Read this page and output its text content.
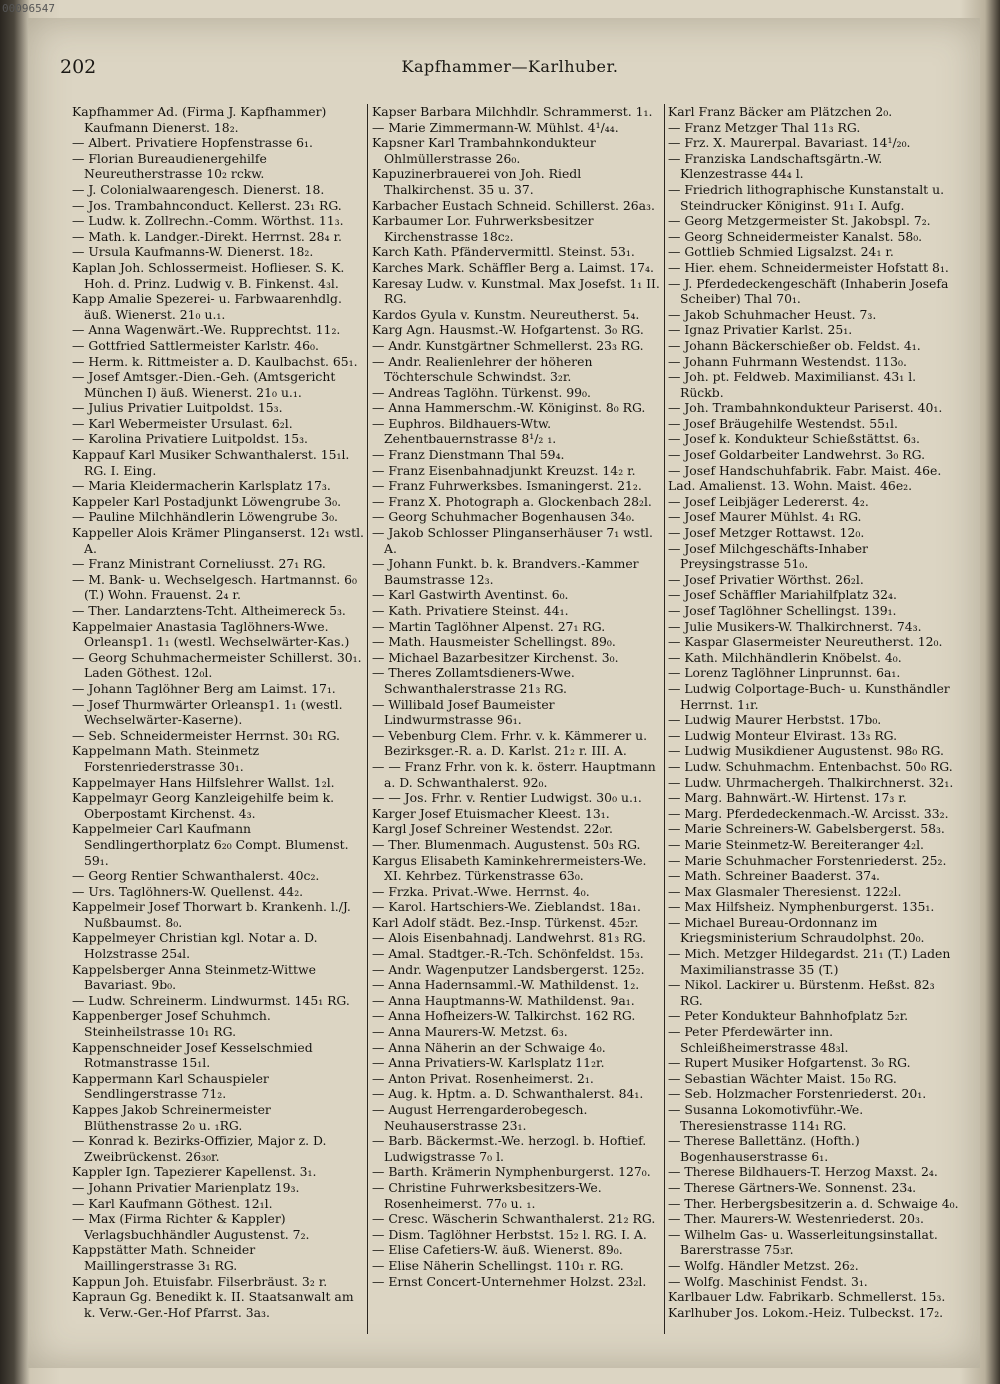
00096547
202	Kapfhammer—Karlhuber.
Kapfhammer Ad. (Firma J. Kapfhammer) Kaufmann Dienerst. 18₂.
— Albert. Privatiere Hopfenstrasse 6₁.
— Florian Bureaudienergehilfe Neureutherstrasse 10₂ rckw.
— J. Colonialwaarengesch. Dienerst. 18.
— Jos. Trambahnconduct. Kellerst. 23₁ RG.
— Ludw. k. Zollrechn.-Comm. Wörthst. 11₃.
— Math. k. Landger.-Direkt. Herrnst. 28₄ r.
— Ursula Kaufmanns-W. Dienerst. 18₂.
Kaplan Joh. Schlossermeist. Hoflieser. S. K. Hoh. d. Prinz. Ludwig v. B. Finkenst. 4₃l.
Kapp Amalie Spezerei- u. Farbwaarenhdlg. äuß. Wienerst. 21₀ u.₁.
— Anna Wagenwärt.-We. Rupprechtst. 11₂.
— Gottfried Sattlermeister Karlstr. 46₀.
— Herm. k. Rittmeister a. D. Kaulbachst. 65₁.
— Josef Amtsger.-Dien.-Geh. (Amtsgericht München I) äuß. Wienerst. 21₀ u.₁.
— Julius Privatier Luitpoldst. 15₃.
— Karl Webermeister Ursulast. 6₂l.
— Karolina Privatiere Luitpoldst. 15₃.
Kappauf Karl Musiker Schwanthalerst. 15₁l. RG. I. Eing.
— Maria Kleidermacherin Karlsplatz 17₃.
Kappeler Karl Postadjunkt Löwengrube 3₀.
— Pauline Milchhändlerin Löwengrube 3₀.
Kappeller Alois Krämer Plinganserst. 12₁ wstl. A.
— Franz Ministrant Corneliusst. 27₁ RG.
— M. Bank- u. Wechselgesch. Hartmannst. 6₀ (T.) Wohn. Frauenst. 2₄ r.
— Ther. Landarztens-Tcht. Altheimereck 5₃.
Kappelmaier Anastasia Taglöhners-Wwe. Orleansp1. 1₁ (westl. Wechselwärter-Kas.)
— Georg Schuhmachermeister Schillerst. 30₁. Laden Göthest. 12₀l.
— Johann Taglöhner Berg am Laimst. 17₁.
— Josef Thurmwärter Orleansp1. 1₁ (westl. Wechselwärter-Kaserne).
— Seb. Schneidermeister Herrnst. 30₁ RG.
Kappelmann Math. Steinmetz Forstenriederstrasse 30₁.
Kappelmayer Hans Hilfslehrer Wallst. 1₂l.
Kappelmayr Georg Kanzleigehilfe beim k. Oberpostamt Kirchenst. 4₃.
Kappelmeier Carl Kaufmann Sendlingerthorplatz 6₂₀ Compt. Blumenst. 59₁.
— Georg Rentier Schwanthalerst. 40c₂.
— Urs. Taglöhners-W. Quellenst. 44₂.
Kappelmeir Josef Thorwart b. Krankenh. l./J. Nußbaumst. 8₀.
Kappelmeyer Christian kgl. Notar a. D. Holzstrasse 25₄l.
Kappelsberger Anna Steinmetz-Wittwe Bavariast. 9b₀.
— Ludw. Schreinerm. Lindwurmst. 145₁ RG.
Kappenberger Josef Schuhmch. Steinheilstrasse 10₁ RG.
Kappenschneider Josef Kesselschmied Rotmanstrasse 15₁l.
Kappermann Karl Schauspieler Sendlingerstrasse 71₂.
Kappes Jakob Schreinermeister Blüthenstrasse 2₀ u. ₁RG.
— Konrad k. Bezirks-Offizier, Major z. D. Zweibrückenst. 26₃₀r.
Kappler Ign. Tapezierer Kapellenst. 3₁.
— Johann Privatier Marienplatz 19₃.
— Karl Kaufmann Göthest. 12₁l.
— Max (Firma Richter & Kappler) Verlagsbuchhändler Augustenst. 7₂.
Kappstätter Math. Schneider Maillingerstrasse 3₁ RG.
Kappun Joh. Etuisfabr. Filserbräust. 3₂ r.
Kapraun Gg. Benedikt k. II. Staatsanwalt am k. Verw.-Ger.-Hof Pfarrst. 3a₃.
Kapser Barbara Milchhdlr. Schrammerst. 1₁.
— Marie Zimmermann-W. Mühlst. 4¹/₄₄.
Kapsner Karl Trambahnkonduktеur Ohlmüllerstrasse 26₀.
Kapuzinerbrauerei von Joh. Riedl Thalkirchenst. 35 u. 37.
Karbacher Eustach Schneid. Schillerst. 26a₃.
Karbaumer Lor. Fuhrwerksbesitzer Kirchenstrasse 18c₂.
Karch Kath. Pfändervermittl. Steinst. 53₁.
Karches Mark. Schäffler Berg a. Laimst. 17₄.
Karesay Ludw. v. Kunstmal. Max Josefst. 1₁ II. RG.
Kardos Gyula v. Kunstm. Neureutherst. 5₄.
Karg Agn. Hausmst.-W. Hofgartenst. 3₀ RG.
— Andr. Kunstgärtner Schmellerst. 23₃ RG.
— Andr. Realienlehrer der höheren Töchterschule Schwindst. 3₂r.
— Andreas Taglöhn. Türkenst. 99₀.
— Anna Hammerschm.-W. Königinst. 8₀ RG.
— Euphros. Bildhauers-Wtw. Zehentbauernstrasse 8¹/₂ ₁.
— Franz Dienstmann Thal 59₄.
— Franz Eisenbahnadjunkt Kreuzst. 14₂ r.
— Franz Fuhrwerksbes. Ismaningerst. 21₂.
— Franz X. Photograph a. Glockenbach 28₂l.
— Georg Schuhmacher Bogenhausen 34₀.
— Jakob Schlosser Plinganserhäuser 7₁ wstl. A.
— Johann Funkt. b. k. Brandvers.-Kammer Baumstrasse 12₃.
— Karl Gastwirth Aventinst. 6₀.
— Kath. Privatiere Steinst. 44₁.
— Martin Taglöhner Alpenst. 27₁ RG.
— Math. Hausmeister Schellingst. 89₀.
— Michael Bazarbesitzer Kirchenst. 3₀.
— Theres Zollamtsdieners-Wwe. Schwanthalerstrasse 21₃ RG.
— Willibald Josef Baumeister Lindwurmstrasse 96₁.
— Vebenburg Clem. Frhr. v. k. Kämmerer u. Bezirksger.-R. a. D. Karlst. 21₂ r. III. A.
— — Franz Frhr. von k. k. österr. Hauptmann a. D. Schwanthalerst. 92₀.
— — Jos. Frhr. v. Rentier Ludwigst. 30₀ u.₁.
Karger Josef Etuismacher Kleest. 13₁.
Kargl Josef Schreiner Westendst. 22₀r.
— Ther. Blumenmach. Augustenst. 50₃ RG.
Kargus Elisabeth Kaminkehrermeisters-We. XI. Kehrbez. Türkenstrasse 63₀.
— Frzka. Privat.-Wwe. Herrnst. 4₀.
— Karol. Hartschiers-We. Zieblandst. 18a₁.
Karl Adolf städt. Bez.-Insp. Türkenst. 45₂r.
— Alois Eisenbahnadj. Landwehrst. 81₃ RG.
— Amal. Stadtger.-R.-Tch. Schönfeldst. 15₃.
— Andr. Wagenputzer Landsbergerst. 125₂.
— Anna Hadernsamml.-W. Mathildenst. 1₂.
— Anna Hauptmanns-W. Mathildenst. 9a₁.
— Anna Hofheizers-W. Talkirchst. 162 RG.
— Anna Maurers-W. Metzst. 6₃.
— Anna Näherin an der Schwaige 4₀.
— Anna Privatiers-W. Karlsplatz 11₂r.
— Anton Privat. Rosenheimerst. 2₁.
— Aug. k. Hptm. a. D. Schwanthalerst. 84₁.
— August Herrengarderobegesch. Neuhauserstrasse 23₁.
— Barb. Bäckermst.-We. herzogl. b. Hoftief. Ludwigstrasse 7₀ l.
— Barth. Krämerin Nymphenburgerst. 127₀.
— Christine Fuhrwerksbesitzers-We. Rosenheimerst. 77₀ u. ₁.
— Cresc. Wäscherin Schwanthalerst. 21₂ RG.
— Dism. Taglöhner Herbstst. 15₂ l. RG. I. A.
— Elise Cafetiers-W. äuß. Wienerst. 89₀.
— Elise Näherin Schellingst. 110₁ r. RG.
— Ernst Concert-Unternehmer Holzst. 23₂l.
Karl Franz Bäcker am Plätzchen 2₀.
— Franz Metzger Thal 11₃ RG.
— Frz. X. Maurerpal. Bavariast. 14¹/₂₀.
— Franziska Landschaftsgärtn.-W. Klenzestrasse 44₄ l.
— Friedrich lithographische Kunstanstalt u. Steindrucker Königinst. 91₁ I. Aufg.
— Georg Metzgermeister St. Jakobspl. 7₂.
— Georg Schneidermeister Kanalst. 58₀.
— Gottlieb Schmied Ligsalzst. 24₁ r.
— Hier. ehem. Schneidermeister Hofstatt 8₁.
— J. Pferdedeckengeschäft (Inhaberin Josefa Scheiber) Thal 70₁.
— Jakob Schuhmacher Heust. 7₃.
— Ignaz Privatier Karlst. 25₁.
— Johann Bäckerschießer ob. Feldst. 4₁.
— Johann Fuhrmann Westendst. 113₀.
— Joh. pt. Feldweb. Maximilianst. 43₁ l. Rückb.
— Joh. Trambahnkondukteur Pariserst. 40₁.
— Josef Bräugehilfe Westendst. 55₁l.
— Josef k. Kondukteur Schießstättst. 6₃.
— Josef Goldarbeiter Landwehrst. 3₀ RG.
— Josef Handschuhfabrik. Fabr. Maist. 46e.
Lad. Amalienst. 13. Wohn. Maist. 46e₂.
— Josef Leibjäger Ledererst. 4₂.
— Josef Maurer Mühlst. 4₁ RG.
— Josef Metzger Rottawst. 12₀.
— Josef Milchgeschäfts-Inhaber Preysingstrasse 51₀.
— Josef Privatier Wörthst. 26₂l.
— Josef Schäffler Mariahilfplatz 32₄.
— Josef Taglöhner Schellingst. 139₁.
— Julie Musikers-W. Thalkirchnerst. 74₃.
— Kaspar Glasermeister Neureutherst. 12₀.
— Kath. Milchhändlerin Knöbelst. 4₀.
— Lorenz Taglöhner Linprunnst. 6a₁.
— Ludwig Colportage-Buch- u. Kunsthändler Herrnst. 1₁r.
— Ludwig Maurer Herbstst. 17b₀.
— Ludwig Monteur Elvirast. 13₃ RG.
— Ludwig Musikdiener Augustenst. 98₀ RG.
— Ludw. Schuhmachm. Entenbachst. 50₀ RG.
— Ludw. Uhrmachergeh. Thalkirchnerst. 32₁.
— Marg. Bahnwärt.-W. Hirtenst. 17₃ r.
— Marg. Pferdedeckenmach.-W. Arcisst. 33₂.
— Marie Schreiners-W. Gabelsbergerst. 58₃.
— Marie Steinmetz-W. Bereiteranger 4₂l.
— Marie Schuhmacher Forstenriederst. 25₂.
— Math. Schreiner Baaderst. 37₄.
— Max Glasmaler Theresienst. 122₂l.
— Max Hilfsheiz. Nymphenburgerst. 135₁.
— Michael Bureau-Ordonnanz im Kriegsministerium Schraudolphst. 20₀.
— Mich. Metzger Hildegardst. 21₁ (T.) Laden Maximilianstrasse 35 (T.)
— Nikol. Lackirer u. Bürstenm. Heßst. 82₃ RG.
— Peter Kondukteur Bahnhofplatz 5₂r.
— Peter Pferdewärter inn. Schleißheimerstrasse 48₃l.
— Rupert Musiker Hofgartenst. 3₀ RG.
— Sebastian Wächter Maist. 15₀ RG.
— Seb. Holzmacher Forstenriederst. 20₁.
— Susanna Lokomotivführ.-We. Theresienstrasse 114₁ RG.
— Therese Ballettänz. (Hofth.) Bogenhauserstrasse 6₁.
— Therese Bildhauers-T. Herzog Maxst. 2₄.
— Therese Gärtners-We. Sonnenst. 23₄.
— Ther. Herbergsbesitzerin a. d. Schwaige 4₀.
— Ther. Maurers-W. Westenriederst. 20₃.
— Wilhelm Gas- u. Wasserleitungsinstallat. Barerstrasse 75₃r.
— Wolfg. Händler Metzst. 26₂.
— Wolfg. Maschinist Fendst. 3₁.
Karlbauer Ldw. Fabrikarb. Schmellerst. 15₃.
Karlhuber Jos. Lokom.-Heiz. Tulbeckst. 17₂.
